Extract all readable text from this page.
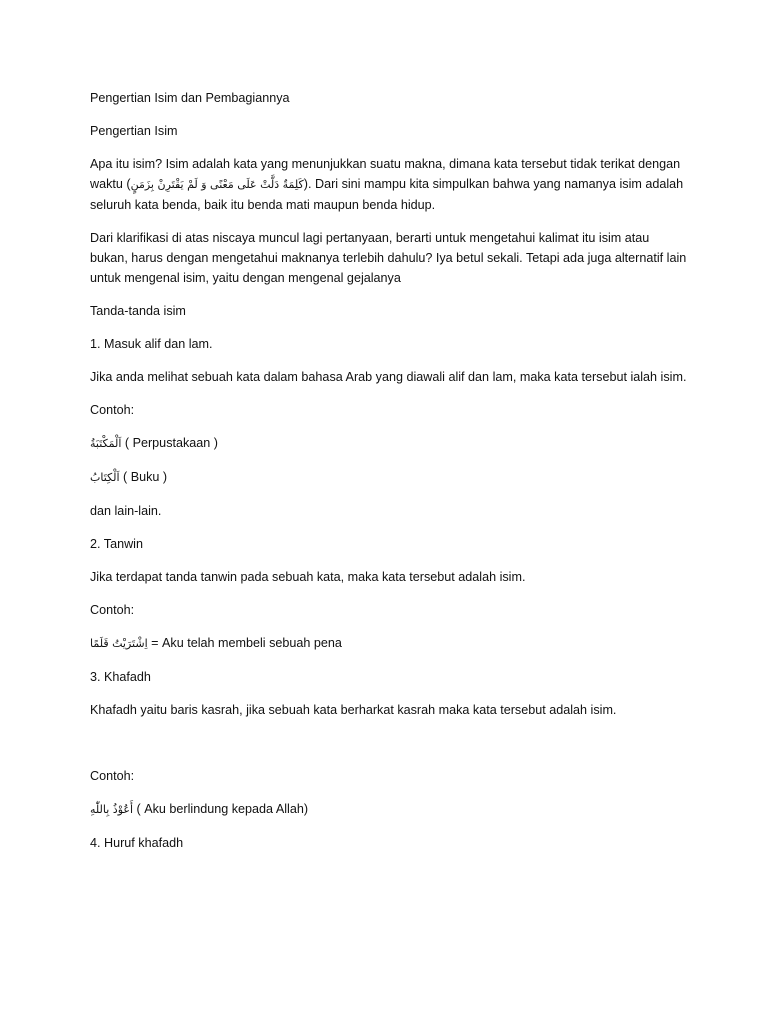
Pengertian Isim dan Pembagiannya

Pengertian Isim

Apa itu isim? Isim adalah kata yang menunjukkan suatu makna, dimana kata tersebut tidak terikat dengan waktu (كَلِمَةٌ دَلَّتْ عَلَى مَعْنًى وَ لَمْ يَقْتَرِنْ بِزَمَنٍ). Dari sini mampu kita simpulkan bahwa yang namanya isim adalah seluruh kata benda, baik itu benda mati maupun benda hidup.

Dari klarifikasi di atas niscaya muncul lagi pertanyaan, berarti untuk mengetahui kalimat itu isim atau bukan, harus dengan mengetahui maknanya terlebih dahulu? Iya betul sekali. Tetapi ada juga alternatif lain untuk mengenal isim, yaitu dengan mengenal gejalanya

Tanda-tanda isim

1. Masuk alif dan lam.

Jika anda melihat sebuah kata dalam bahasa Arab yang diawali alif dan lam, maka kata tersebut ialah isim.

Contoh:

اَلْمَكْتَبَةُ ( Perpustakaan )

اَلْكِتَابُ ( Buku )

dan lain-lain.

2. Tanwin

Jika terdapat tanda tanwin pada sebuah kata, maka kata tersebut adalah isim.

Contoh:

اِشْتَرَيْتُ قَلَمًا = Aku telah membeli sebuah pena

3. Khafadh

Khafadh yaitu baris kasrah, jika sebuah kata berharkat kasrah maka kata tersebut adalah isim.

Contoh:

أَعُوْذُ بِاللّٰهِ ( Aku berlindung kepada Allah)

4. Huruf khafadh
